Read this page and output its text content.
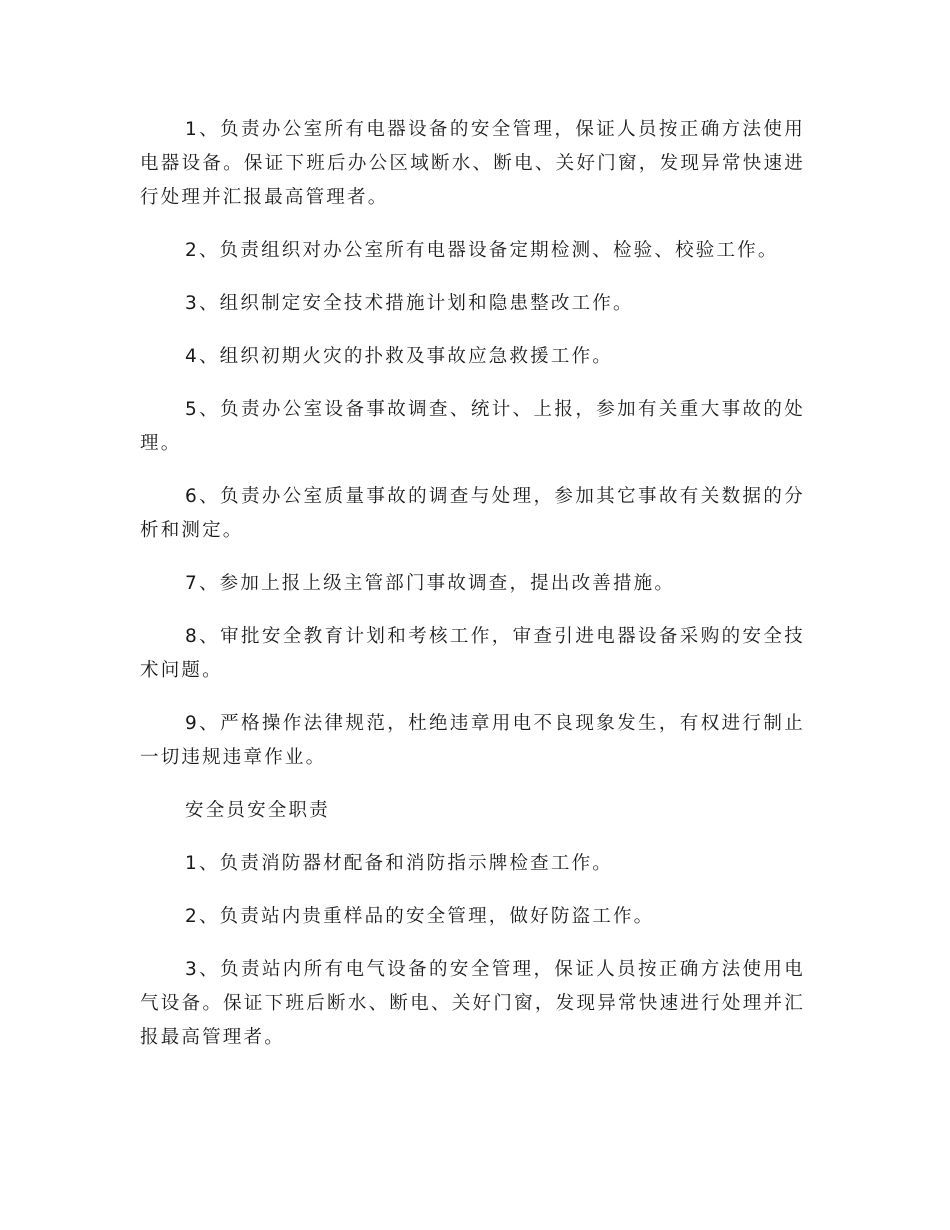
1、负责办公室所有电器设备的安全管理，保证人员按正确方法使用电器设备。保证下班后办公区域断水、断电、关好门窗，发现异常快速进行处理并汇报最高管理者。

2、负责组织对办公室所有电器设备定期检测、检验、校验工作。

3、组织制定安全技术措施计划和隐患整改工作。

4、组织初期火灾的扑救及事故应急救援工作。

5、负责办公室设备事故调查、统计、上报，参加有关重大事故的处理。

6、负责办公室质量事故的调查与处理，参加其它事故有关数据的分析和测定。

7、参加上报上级主管部门事故调查，提出改善措施。

8、审批安全教育计划和考核工作，审查引进电器设备采购的安全技术问题。

9、严格操作法律规范，杜绝违章用电不良现象发生，有权进行制止一切违规违章作业。

安全员安全职责

1、负责消防器材配备和消防指示牌检查工作。

2、负责站内贵重样品的安全管理，做好防盗工作。

3、负责站内所有电气设备的安全管理，保证人员按正确方法使用电气设备。保证下班后断水、断电、关好门窗，发现异常快速进行处理并汇报最高管理者。
